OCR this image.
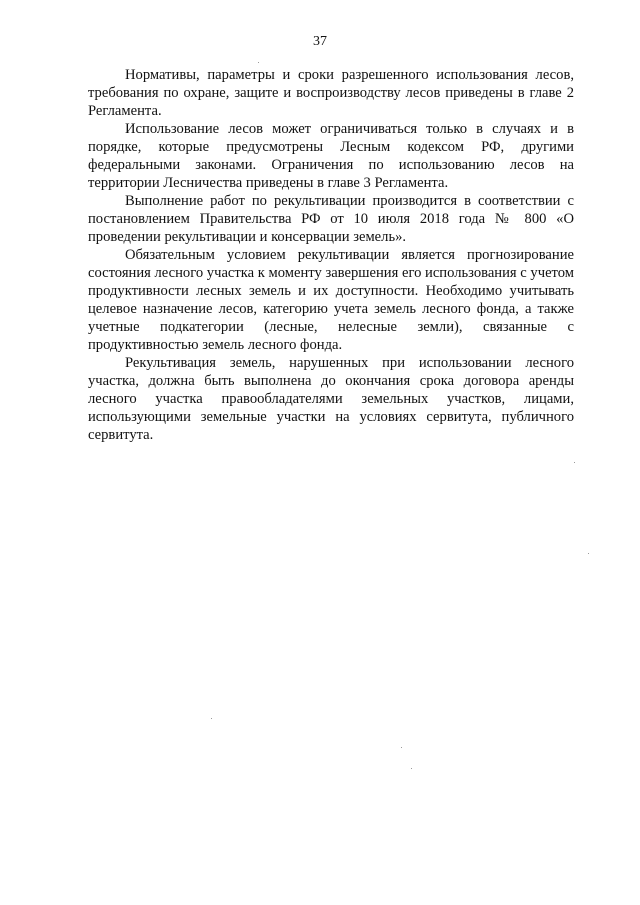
37

Нормативы, параметры и сроки разрешенного использования лесов, требования по охране, защите и воспроизводству лесов приведены в главе 2 Регламента.

Использование лесов может ограничиваться только в случаях и в порядке, которые предусмотрены Лесным кодексом РФ, другими федеральными законами. Ограничения по использованию лесов на территории Лесничества приведены в главе 3 Регламента.

Выполнение работ по рекультивации производится в соответствии с постановлением Правительства РФ от 10 июля 2018 года № 800 «О проведении рекультивации и консервации земель».

Обязательным условием рекультивации является прогнозирование состояния лесного участка к моменту завершения его использования с учетом продуктивности лесных земель и их доступности. Необходимо учитывать целевое назначение лесов, категорию учета земель лесного фонда, а также учетные подкатегории (лесные, нелесные земли), связанные с продуктивностью земель лесного фонда.

Рекультивация земель, нарушенных при использовании лесного участка, должна быть выполнена до окончания срока договора аренды лесного участка правообладателями земельных участков, лицами, использующими земельные участки на условиях сервитута, публичного сервитута.
